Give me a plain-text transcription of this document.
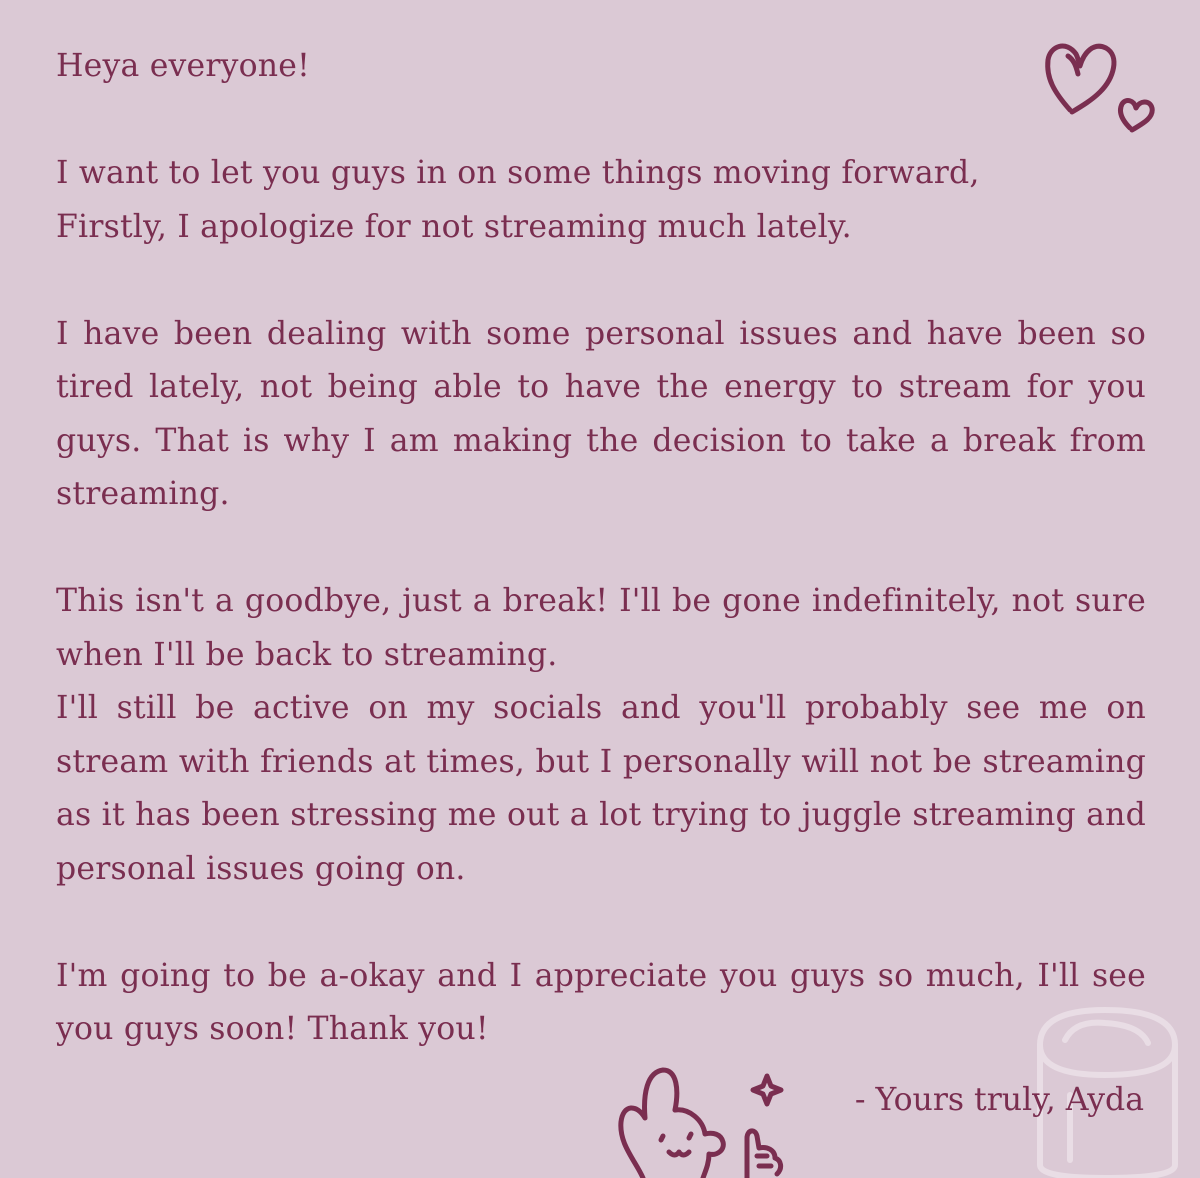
Heya everyone!

I want to let you guys in on some things moving forward,

Firstly, I apologize for not streaming much lately.

I have been dealing with some personal issues and have been so tired lately, not being able to have the energy to stream for you guys. That is why I am making the decision to take a break from streaming.

This isn't a goodbye, just a break! I'll be gone indefinitely, not sure when I'll be back to streaming.

I'll still be active on my socials and you'll probably see me on stream with friends at times, but I personally will not be streaming as it has been stressing me out a lot trying to juggle streaming and personal issues going on.

I'm going to be a-okay and I appreciate you guys so much, I'll see you guys soon! Thank you!

- Yours truly, Ayda
